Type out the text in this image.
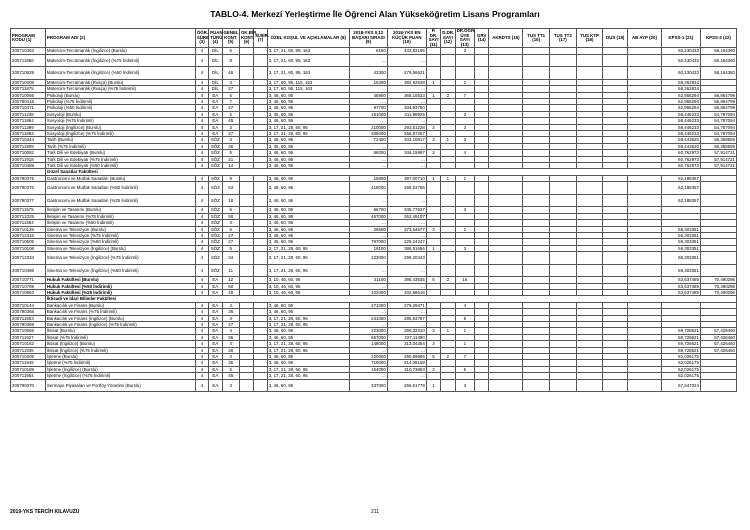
TABLO-4. Merkezi Yerleştirme İle Öğrenci Alan Yükseköğretim Lisans Programları
PROGRAM KODU (1)	PROGRAM ADI (2)	ÖĞR. SÜRE (3)	PUAN TÜRÜ (4)	GENEL KONT. (5)	OK.BİR. KONT. (6)	M.BİR. (7)	ÖZEL KOŞUL VE AÇIKLAMALAR (8)	2018-YKS 0,12 BAŞARI SIRASI (9)	2018-YKS EN KÜÇÜK PUAN (10)	P. DR. SAYI (11)	D.DR. SAYI (12)	DR.ÖĞR. ÜYE SAYI (13)	GRV (14)	AKRDTS (15)	TUS TT1 (16)	TUS TT2 (17)	TUS KTP (18)	DUS (19)	AB AYP (20)	KPSS-1 (21)	KPSS-2 (22)
200710363	Mütercim-Tercümanlık (İngilizce) (Burslu)	4	DİL	6			3, 17, 21, 60, 95, 163	6150	432,83195			3								60,130433	56,164360
200711866	Mütercim-Tercümanlık (İngilizce) (%75 İndirimli)	4	DİL	8			3, 17, 21, 60, 95, 163	...	...											60,130433	56,164360
200710629	Mütercim-Tercümanlık (İngilizce) (%50 İndirimli)	4	DİL	46			3, 17, 21, 60, 95, 163	43300	279,56621											60,130433	56,164360
200710408	Mütercim-Tercümanlık (Rusça) (Burslu)	4	DİL	3			3, 17, 60, 95, 115, 163	15300	382,92538	1		2								58,362834	
200711875	Mütercim-Tercümanlık (Rusça) (%75 İndirimli)	4	DİL	27			3, 17, 60, 95, 115, 163	...	...											58,362834	
200710065	Psikoloji (Burslu)	4	EA	6			3, 46, 60, 95	46900	368,16533	1	2	7								62,955294	56,864799
200790415	Psikoloji (%75 İndirimli)	4	EA	7			3, 46, 60, 95	...	...											62,955294	56,864799
200710471	Psikoloji (%50 İndirimli)	4	EA	47			3, 46, 60, 95	97700	334,93750											62,955294	56,864799
200711248	Sosyoloji (Burslu)	4	EA	5			3, 46, 60, 95	151000	311,98925			3								58,446233	54,787094
200711884	Sosyoloji (%75 İndirimli)	4	EA	45			3, 46, 60, 95	...	...											58,446233	54,787094
200711399	Sosyoloji (İngilizce) (Burslu)	4	EA	3			3, 17, 21, 28, 60, 95	210000	293,51228	2		3								58,446233	54,787094
200711893	Sosyoloji (İngilizce) (%75 İndirimli)	4	EA	27			3, 17, 21, 28, 60, 95	335000	266,87257											58,446233	54,787094
200710444	Tarih (Burslu)	4	SÖZ	4			3, 46, 60, 95	72400	343,10817	2	1	3								59,443620	56,358559
200711909	Tarih (%75 İndirimli)	4	SÖZ	36			3, 46, 60, 95	...	...											59,443620	56,358559
200710082	Türk Dili ve Edebiyatı (Burslu)	4	SÖZ	5			3, 46, 60, 95	66000	346,15997	2		4								60,762973	57,914721
200711918	Türk Dili ve Edebiyatı (%75 İndirimli)	4	SÖZ	31			3, 46, 60, 95	...	...											60,762973	57,914721
200710489	Türk Dili ve Edebiyatı (%50 İndirimli)	4	SÖZ	14			3, 46, 60, 95	...	...											60,762973	57,914721
	Güzel Sanatlar Fakültesi																				
200790375	Gastronomi ve Mutfak Sanatları (Burslu)	4	SÖZ	9			3, 46, 60, 95	15800	387,00710	1	1	1								62,188357	
200790376	Gastronomi ve Mutfak Sanatları (%50 İndirimli)	4	SÖZ	63			3, 46, 60, 95	418000	268,53765											62,188357	
200790377	Gastronomi ve Mutfak Sanatları (%25 İndirimli)	4	SÖZ	18			3, 46, 60, 95	...	...											62,188357	
200711575	İletişim ve Tasarımı (Burslu)	4	SÖZ	6			3, 46, 60, 95	66700	345,77627			3									
200712325	İletişim ve Tasarımı (%75 İndirimli)	4	SÖZ	50			3, 46, 60, 95	467000	262,49107												
200711584	İletişim ve Tasarımı (%50 İndirimli)	4	SÖZ	4			3, 46, 60, 95	...	...												
200710126	Sinema ve Televizyon (Burslu)	4	SÖZ	6			3, 46, 60, 95	26500	373,54577	3		2								59,303351	
200712316	Sinema ve Televizyon (%75 İndirimli)	4	SÖZ	27			3, 46, 60, 95	...	...											59,303351	
200710505	Sinema ve Televizyon (%50 İndirimli)	4	SÖZ	27			3, 46, 60, 95	797000	229,24247											59,303351	
200710108	Sinema ve Televizyon (İngilizce) (Burslu)	4	SÖZ	5			3, 17, 21, 28, 60, 95	16100	386,51656	1		3								59,303351	
200712334	Sinema ve Televizyon (İngilizce) (%75 İndirimli)	4	SÖZ	34			3, 17, 21, 28, 60, 95	223000	299,20443											59,303351	
200710498	Sinema ve Televizyon (İngilizce) (%50 İndirimli)	4	SÖZ	11			3, 17, 21, 28, 60, 95	...	...											59,303351	
200710771	Hukuk Fakültesi (Burslu)	4	EA	12			3, 10, 46, 60, 95	21100	395,43535	5	2	16								53,637489	70,490296
200710789	Hukuk Fakültesi (%50 İndirimli)	4	EA	60			3, 10, 46, 60, 95	...	...											53,637489	70,490296
200710963	Hukuk Fakültesi (%25 İndirimli)	4	EA	48			3, 10, 46, 60, 95	102000	332,58616											53,637489	70,490296
	İktisadi ve İdari Bilimler Fakültesi																				
200710144	Bankacılık ve Finans (Burslu)	4	EA	4			3, 46, 60, 95	271000	279,29471			4									
200790368	Bankacılık ve Finans (%75 İndirimli)	4	EA	36			3, 46, 60, 95	...	...												
200711503	Bankacılık ve Finans (İngilizce) (Burslu)	4	EA	3			3, 17, 21, 28, 60, 95	241000	285,93797			5									
200790369	Bankacılık ve Finans (İngilizce) (%75 İndirimli)	4	EA	27			3, 17, 21, 28, 60, 95	...	...												
200710656	İktisat (Burslu)	4	EA	4			3, 46, 60, 95	223000	290,32310	3	1	1								59,728621	57,426460
200711927	İktisat (%75 İndirimli)	4	EA	36			3, 46, 60, 95	657000	227,11490											59,728621	57,426460
200710162	İktisat (İngilizce) (Burslu)	4	EA	4			3, 17, 21, 28, 60, 95	148000	313,04354	3		1								59,728621	57,426460
200711936	İktisat (İngilizce) (%75 İndirimli)	4	EA	36			3, 17, 21, 28, 60, 95	...	...											59,728621	57,426460
200710205	İşletme (Burslu)	4	EA	4			3, 46, 60, 95	220000	290,89685	5	2	7								62,026175	
200711945	İşletme (%75 İndirimli)	4	EA	36			3, 46, 60, 95	716000	214,08158											62,026175	
200710189	İşletme (İngilizce) (Burslu)	4	EA	5			3, 17, 21, 28, 60, 95	154000	310,73653	2		5								62,026175	
200711954	İşletme (İngilizce) (%75 İndirimli)	4	EA	45			3, 17, 21, 28, 60, 95	...	...											62,026175	
200790370	Sermaye Piyasaları ve Portföy Yönetimi (Burslu)	4	EA	3			3, 46, 60, 95	337000	266,61779	1		3								57,347024	
2019-YKS TERCİH KILAVUZU	211
